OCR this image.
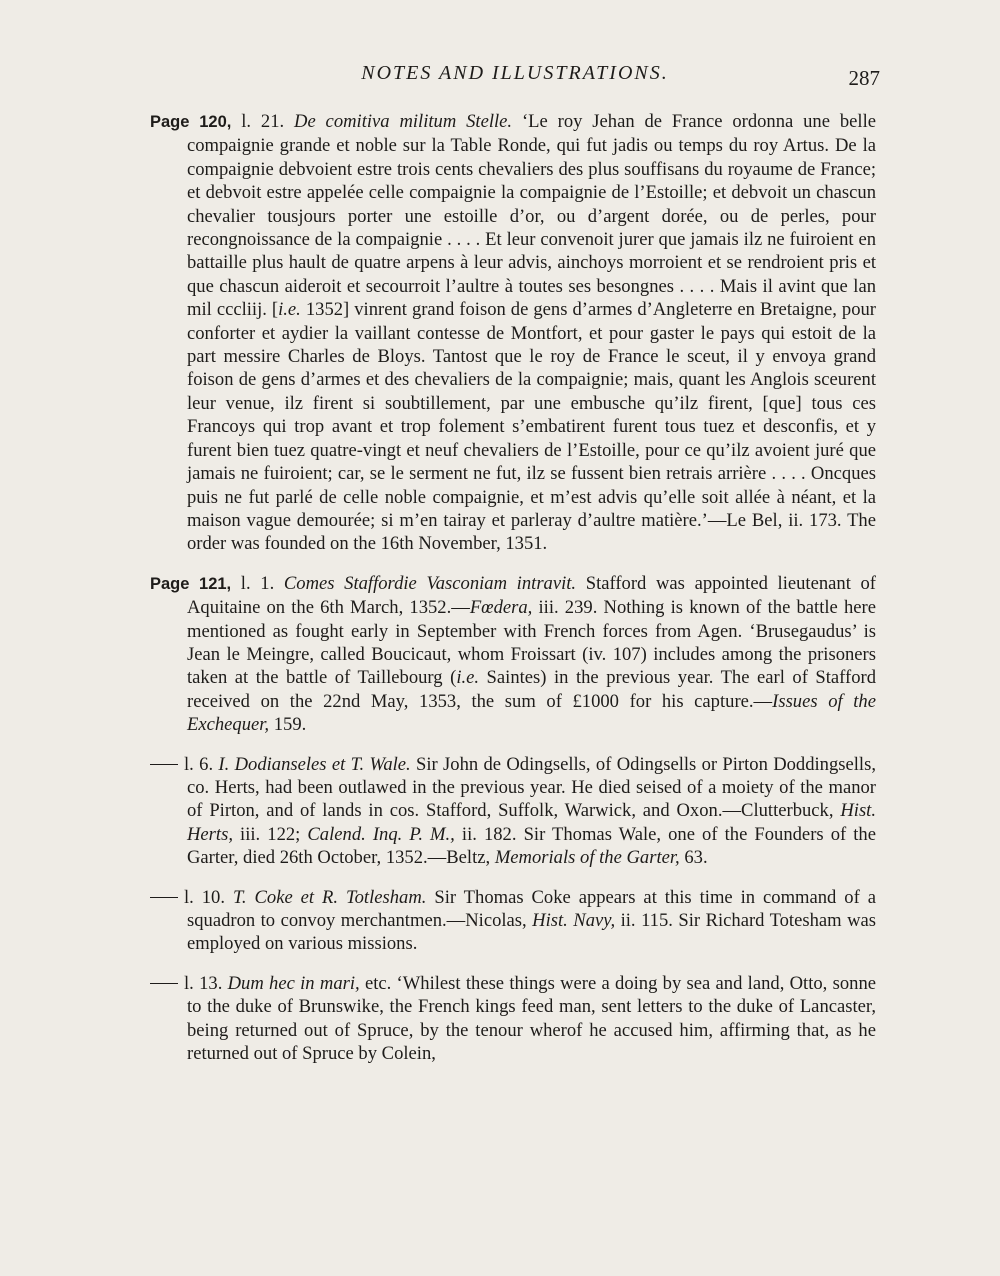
NOTES AND ILLUSTRATIONS.	287

Page 120, l. 21. De comitiva militum Stelle. ‘Le roy Jehan de France ordonna une belle compaignie grande et noble sur la Table Ronde, qui fut jadis ou temps du roy Artus. De la compaignie debvoient estre trois cents chevaliers des plus souffisans du royaume de France; et debvoit estre appelée celle compaignie la compaignie de l’Estoille; et debvoit un chascun chevalier tousjours porter une estoille d’or, ou d’argent dorée, ou de perles, pour recongnoissance de la compaignie . . . . Et leur convenoit jurer que jamais ilz ne fuiroient en battaille plus hault de quatre arpens à leur advis, ainchoys morroient et se rendroient pris et que chascun aideroit et secourroit l’aultre à toutes ses besongnes . . . . Mais il avint que lan mil cccliij. [i.e. 1352] vinrent grand foison de gens d’armes d’Angleterre en Bretaigne, pour conforter et aydier la vaillant contesse de Montfort, et pour gaster le pays qui estoit de la part messire Charles de Bloys. Tantost que le roy de France le sceut, il y envoya grand foison de gens d’armes et des chevaliers de la compaignie; mais, quant les Anglois sceurent leur venue, ilz firent si soubtillement, par une embusche qu’ilz firent, [que] tous ces Francoys qui trop avant et trop folement s’embatirent furent tous tuez et desconfis, et y furent bien tuez quatre-vingt et neuf chevaliers de l’Estoille, pour ce qu’ilz avoient juré que jamais ne fuiroient; car, se le serment ne fut, ilz se fussent bien retrais arrière . . . . Oncques puis ne fut parlé de celle noble compaignie, et m’est advis qu’elle soit allée à néant, et la maison vague demourée; si m’en tairay et parleray d’aultre matière.’—Le Bel, ii. 173. The order was founded on the 16th November, 1351.

Page 121, l. 1. Comes Staffordie Vasconiam intravit. Stafford was appointed lieutenant of Aquitaine on the 6th March, 1352.—Fœdera, iii. 239. Nothing is known of the battle here mentioned as fought early in September with French forces from Agen. ‘Brusegaudus’ is Jean le Meingre, called Boucicaut, whom Froissart (iv. 107) includes among the prisoners taken at the battle of Taillebourg (i.e. Saintes) in the previous year. The earl of Stafford received on the 22nd May, 1353, the sum of £1000 for his capture.—Issues of the Exchequer, 159.

l. 6. I. Dodianseles et T. Wale. Sir John de Odingsells, of Odingsells or Pirton Doddingsells, co. Herts, had been outlawed in the previous year. He died seised of a moiety of the manor of Pirton, and of lands in cos. Stafford, Suffolk, Warwick, and Oxon.—Clutterbuck, Hist. Herts, iii. 122; Calend. Inq. P. M., ii. 182. Sir Thomas Wale, one of the Founders of the Garter, died 26th October, 1352.—Beltz, Memorials of the Garter, 63.

l. 10. T. Coke et R. Totlesham. Sir Thomas Coke appears at this time in command of a squadron to convoy merchantmen.—Nicolas, Hist. Navy, ii. 115. Sir Richard Totesham was employed on various missions.

l. 13. Dum hec in mari, etc. ‘Whilest these things were a doing by sea and land, Otto, sonne to the duke of Brunswike, the French kings feed man, sent letters to the duke of Lancaster, being returned out of Spruce, by the tenour wherof he accused him, affirming that, as he returned out of Spruce by Colein,
